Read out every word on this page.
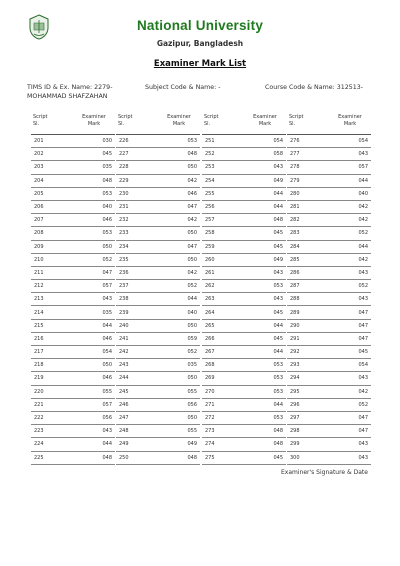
National University
Gazipur, Bangladesh
Examiner Mark List
TIMS ID & Ex. Name: 2279-	Subject Code & Name: -	Course Code & Name: 312513-
MOHAMMAD SHAFZAHAN
Script
Sl.	Examiner
Mark
201	030
202	045
203	035
204	048
205	053
206	040
207	046
208	053
209	050
210	052
211	047
212	057
213	043
214	035
215	044
216	046
217	054
218	050
219	046
220	055
221	057
222	056
223	043
224	044
225	048
Script
Sl.	Examiner
Mark
226	053
227	048
228	050
229	042
230	046
231	047
232	042
233	050
234	047
235	050
236	042
237	052
238	044
239	040
240	050
241	059
242	052
243	035
244	050
245	055
246	056
247	050
248	055
249	049
250	048
Script
Sl.	Examiner
Mark
251	054
252	058
253	043
254	049
255	044
256	044
257	048
258	045
259	045
260	049
261	043
262	053
263	043
264	045
265	044
266	045
267	044
268	053
269	053
270	053
271	044
272	053
273	048
274	048
275	045
Script
Sl.	Examiner
Mark
276	054
277	043
278	057
279	044
280	040
281	042
282	042
283	052
284	044
285	042
286	043
287	052
288	043
289	047
290	047
291	047
292	045
293	054
294	043
295	042
296	052
297	047
298	047
299	043
300	043
Examiner's Signature & Date
